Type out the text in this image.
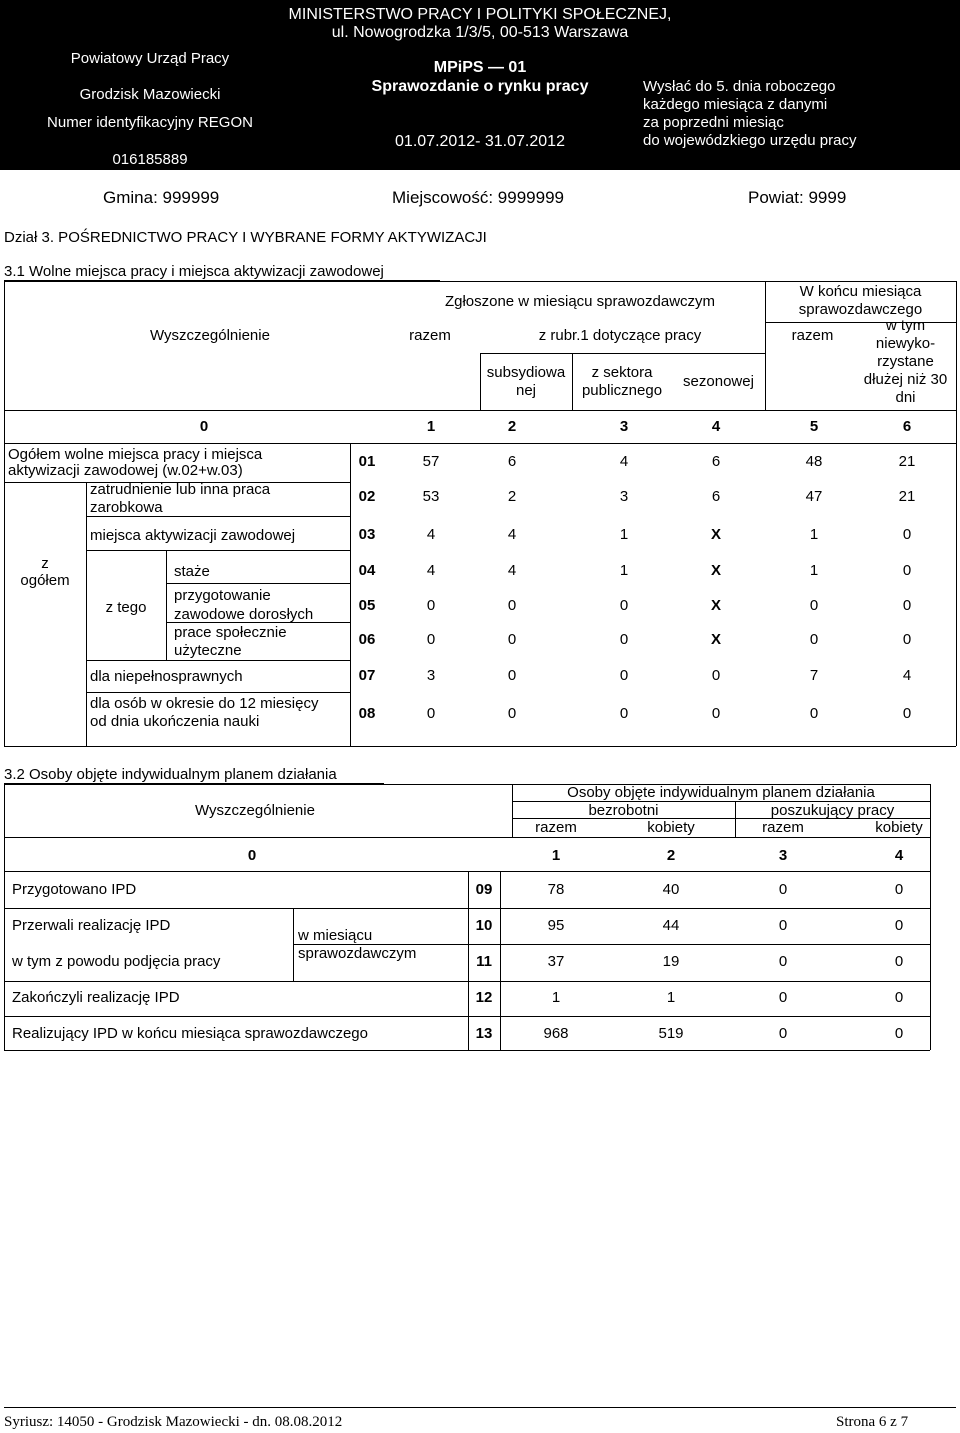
MINISTERSTWO PRACY I POLITYKI SPOŁECZNEJ,
ul. Nowogrodzka 1/3/5, 00-513 Warszawa
Powiatowy Urząd Pracy
Grodzisk Mazowiecki
Numer identyfikacyjny REGON
016185889
MPiPS — 01
Sprawozdanie o rynku pracy
01.07.2012- 31.07.2012
Wysłać do 5. dnia roboczego
każdego miesiąca z danymi
za poprzedni miesiąc
do wojewódzkiego urzędu pracy
Gmina: 999999	Miejscowość: 9999999	Powiat: 9999
Dział 3. POŚREDNICTWO PRACY I WYBRANE FORMY AKTYWIZACJI
3.1 Wolne miejsca pracy i miejsca aktywizacji zawodowej
Zgłoszone w miesiącu sprawozdawczym
W końcu miesiąca
sprawozdawczego
Wyszczególnienie	razem	z rubr.1 dotyczące pracy
subsydiowa
nej
z sektora
publicznego
sezonowej
razem
w tym
niewyko-
rzystane
dłużej niż 30
dni
0	1	2	3	4	5	6
z
ogółem
z tego
Ogółem wolne miejsca pracy i miejsca
aktywizacji zawodowej (w.02+w.03)
01	57	6	4	6	48	21
zatrudnienie lub inna praca
zarobkowa
02	53	2	3	6	47	21
miejsca aktywizacji zawodowej	03	4	4	1	X	1	0
staże	04	4	4	1	X	1	0
przygotowanie
zawodowe dorosłych
05	0	0	0	X	0	0
prace społecznie
użyteczne
06	0	0	0	X	0	0
dla niepełnosprawnych	07	3	0	0	0	7	4
dla osób w okresie do 12 miesięcy
od dnia ukończenia nauki	08	0	0	0	0	0	0
3.2 Osoby objęte indywidualnym planem działania
Wyszczególnienie
Osoby objęte indywidualnym planem działania
bezrobotni	poszukujący pracy
razem	kobiety	razem	kobiety
0	1	2	3	4
w miesiącu
sprawozdawczym
Przygotowano IPD	09	78	40	0	0
Przerwali realizację IPD	10	95	44	0	0
w tym z powodu podjęcia pracy	11	37	19	0	0
Zakończyli realizację IPD	12	1	1	0	0
Realizujący IPD w końcu miesiąca sprawozdawczego	13	968	519	0	0
Syriusz: 14050 - Grodzisk Mazowiecki - dn. 08.08.2012	Strona 6 z 7
